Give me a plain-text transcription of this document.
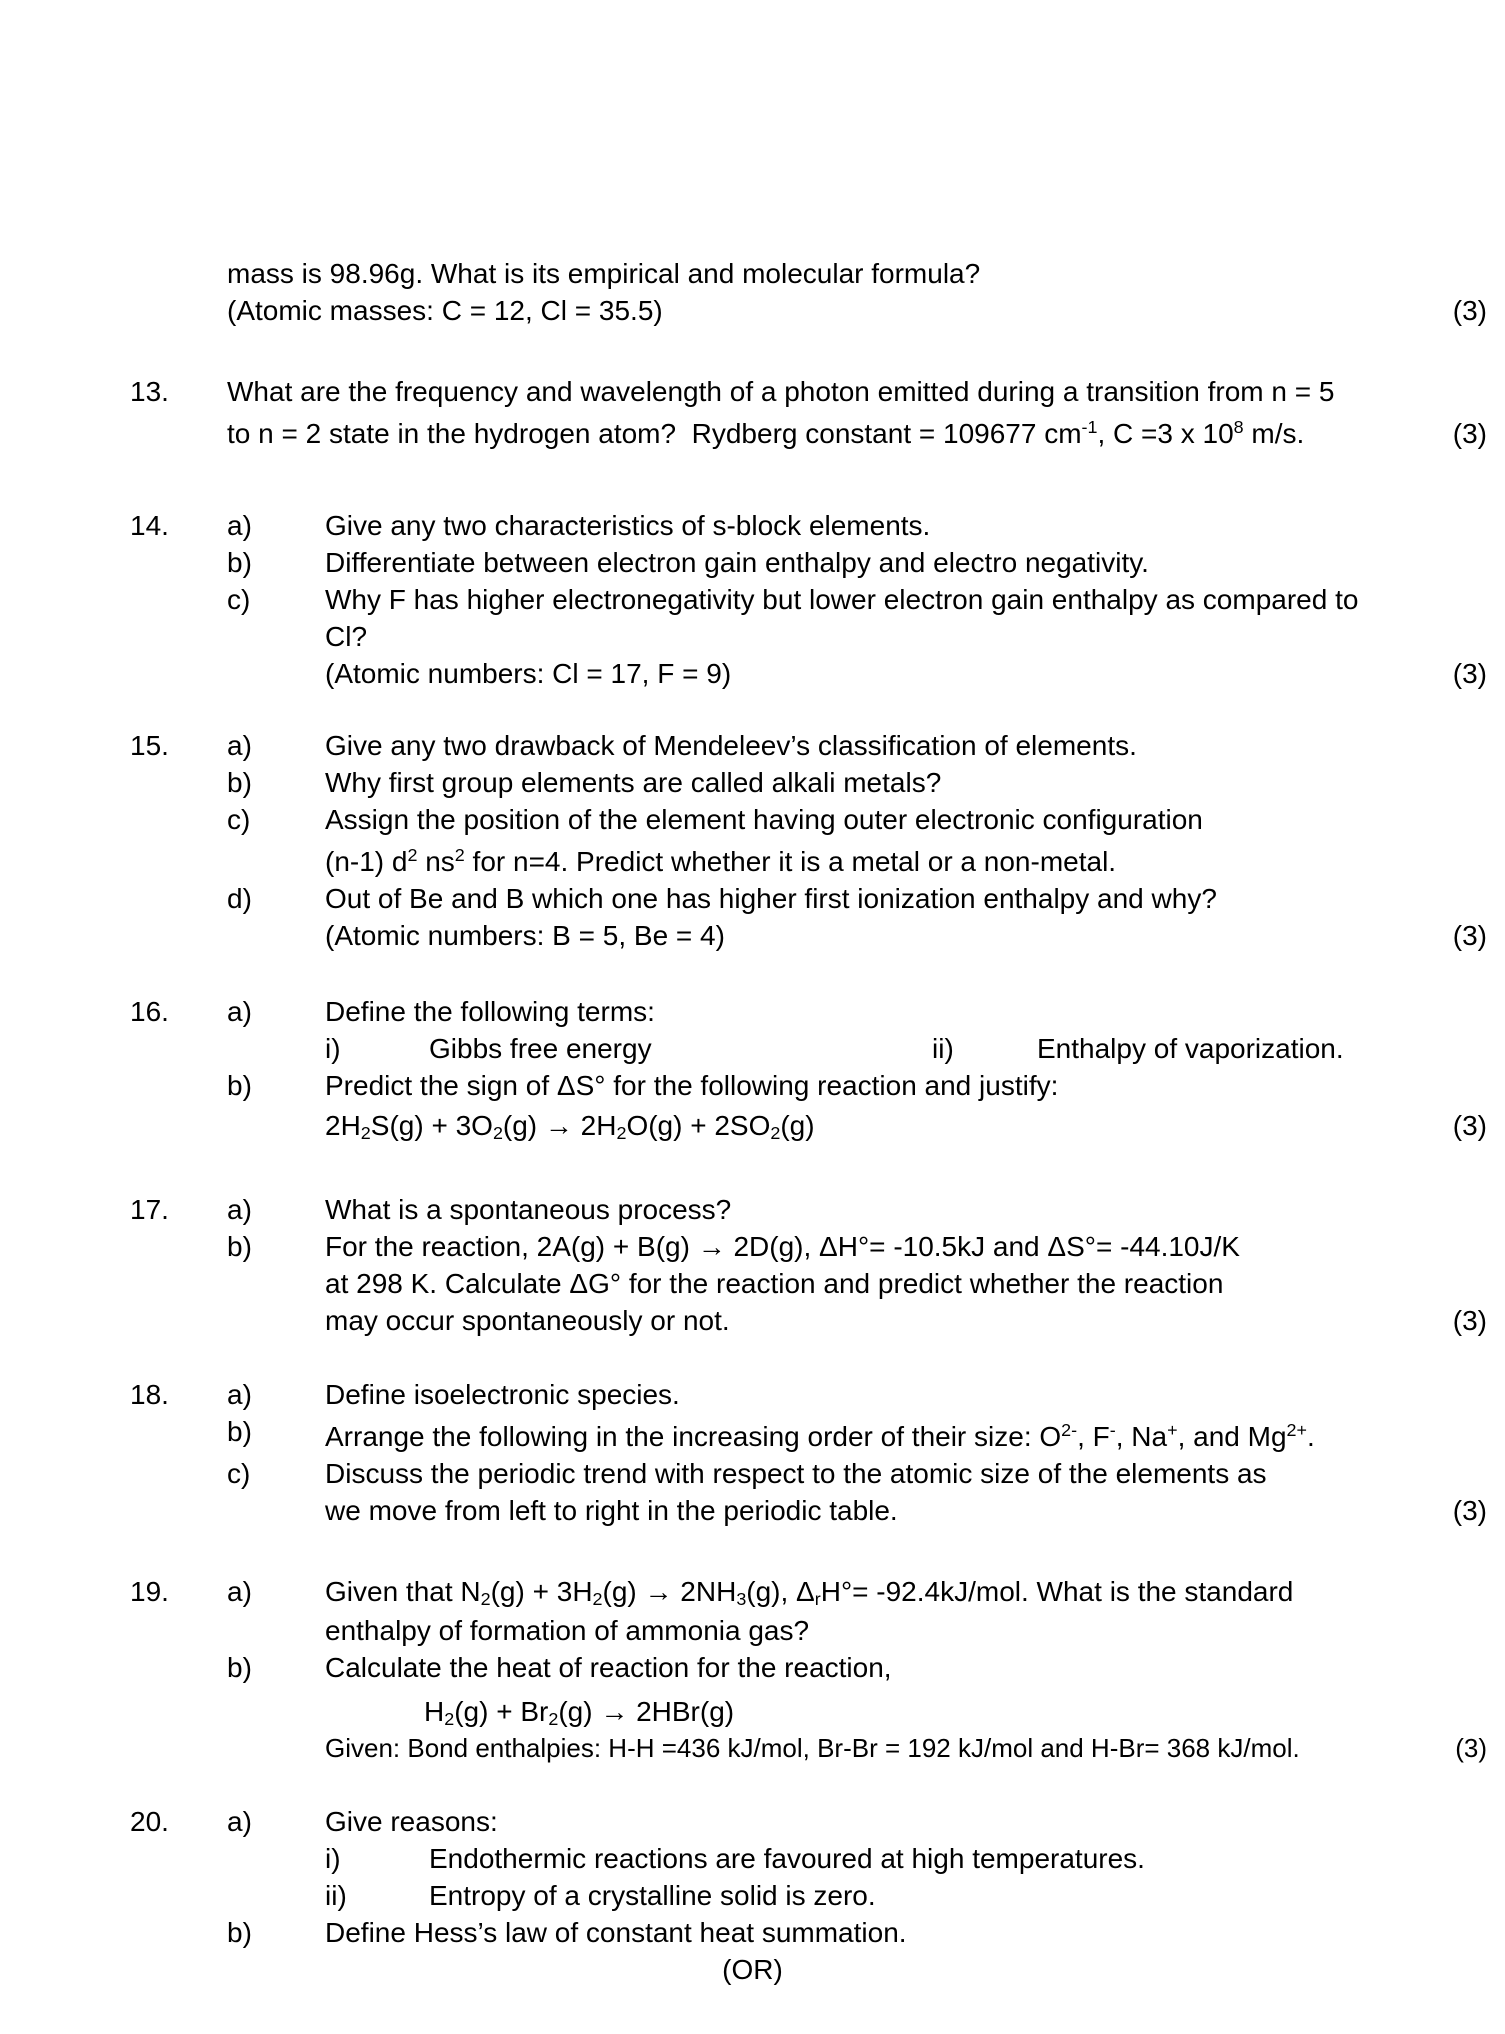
mass is 98.96g. What is its empirical and molecular formula?
(Atomic masses: C = 12, Cl = 35.5)	(3)
13.	What are the frequency and wavelength of a photon emitted during a transition from n = 5
to n = 2 state in the hydrogen atom?  Rydberg constant = 109677 $cm^{-1}$, C =3 x $10^8$ m/s.	(3)
14.	a)	Give any two characteristics of s-block elements.
b)	Differentiate between electron gain enthalpy and electro negativity.
c)	Why F has higher electronegativity but lower electron gain enthalpy as compared to
Cl?
(Atomic numbers: Cl = 17, F = 9)	(3)
15.	a)	Give any two drawback of Mendeleev’s classification of elements.
b)	Why first group elements are called alkali metals?
c)	Assign the position of the element having outer electronic configuration
(n-1) $d^2$ $ns^2$ for n=4. Predict whether it is a metal or a non-metal.
d)	Out of Be and B which one has higher first ionization enthalpy and why?
(Atomic numbers: B = 5, Be = 4)	(3)
16.	a)	Define the following terms:
i)	Gibbs free energy	ii)	Enthalpy of vaporization.
b)	Predict the sign of ΔS° for the following reaction and justify:
$2H_2S(g) + 3O_2(g) \to 2H_2O(g) + 2SO_2(g)$	(3)
17.	a)	What is a spontaneous process?
b)	For the reaction, 2A(g) + B(g) → 2D(g), ΔH°= -10.5kJ and ΔS°= -44.10J/K
at 298 K. Calculate ΔG° for the reaction and predict whether the reaction
may occur spontaneously or not.	(3)
18.	a)	Define isoelectronic species.
b)	Arrange the following in the increasing order of their size: $O^{2-}$, F-, Na+, and $Mg^{2+}$.
c)	Discuss the periodic trend with respect to the atomic size of the elements as
we move from left to right in the periodic table.	(3)
19.	a)	Given that $N_2(g) + 3H_2(g) \to 2NH_3(g)$, $\Delta_rH^\circ= -92.4kJ/mol$. What is the standard
enthalpy of formation of ammonia gas?
b)	Calculate the heat of reaction for the reaction,
$H_2(g) + Br_2(g) \to 2HBr(g)$
Given: Bond enthalpies: H-H =436 kJ/mol, Br-Br = 192 kJ/mol and H-Br= 368 kJ/mol.	(3)
20.	a)	Give reasons:
i)	Endothermic reactions are favoured at high temperatures.
ii)	Entropy of a crystalline solid is zero.
b)	Define Hess’s law of constant heat summation.
(OR)
